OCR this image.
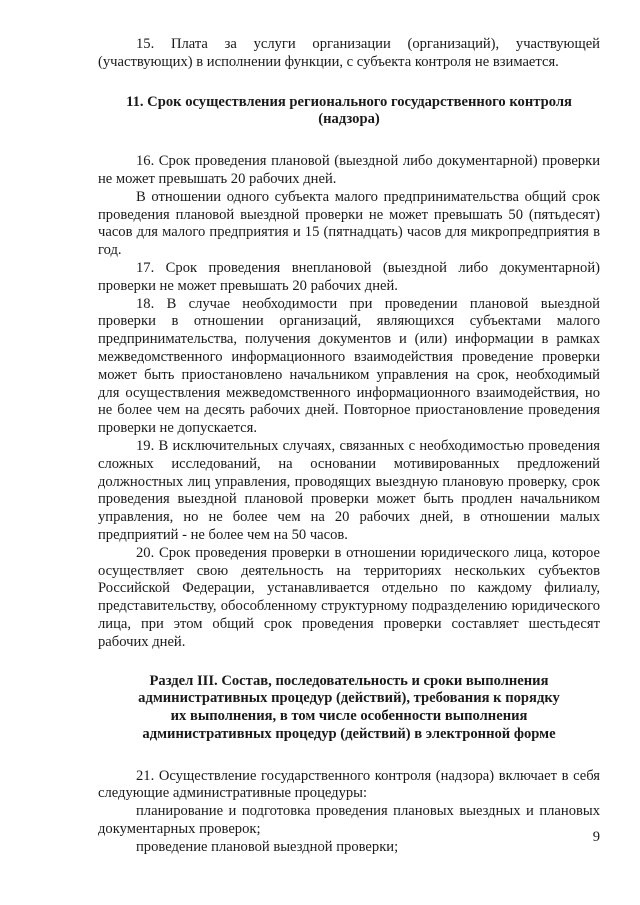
15. Плата за услуги организации (организаций), участвующей (участвующих) в исполнении функции, с субъекта контроля не взимается.

11. Срок осуществления регионального государственного контроля
(надзора)

16. Срок проведения плановой (выездной либо документарной) проверки не может превышать 20 рабочих дней.

В отношении одного субъекта малого предпринимательства общий срок проведения плановой выездной проверки не может превышать 50 (пятьдесят) часов для малого предприятия и 15 (пятнадцать) часов для микропредприятия в год.

17. Срок проведения внеплановой (выездной либо документарной) проверки не может превышать 20 рабочих дней.

18. В случае необходимости при проведении плановой выездной проверки в отношении организаций, являющихся субъектами малого предпринимательства, получения документов и (или) информации в рамках межведомственного информационного взаимодействия проведение проверки может быть приостановлено начальником управления на срок, необходимый для осуществления межведомственного информационного взаимодействия, но не более чем на десять рабочих дней. Повторное приостановление проведения проверки не допускается.

19. В исключительных случаях, связанных с необходимостью проведения сложных исследований, на основании мотивированных предложений должностных лиц управления, проводящих выездную плановую проверку, срок проведения выездной плановой проверки может быть продлен начальником управления, но не более чем на 20 рабочих дней, в отношении малых предприятий - не более чем на 50 часов.

20. Срок проведения проверки в отношении юридического лица, которое осуществляет свою деятельность на территориях нескольких субъектов Российской Федерации, устанавливается отдельно по каждому филиалу, представительству, обособленному структурному подразделению юридического лица, при этом общий срок проведения проверки составляет шестьдесят рабочих дней.

Раздел III. Состав, последовательность и сроки выполнения
административных процедур (действий), требования к порядку
их выполнения, в том числе особенности выполнения
административных процедур (действий) в электронной форме

21. Осуществление государственного контроля (надзора) включает в себя следующие административные процедуры:

планирование и подготовка проведения плановых выездных и плановых документарных проверок;

проведение плановой выездной проверки;

9
